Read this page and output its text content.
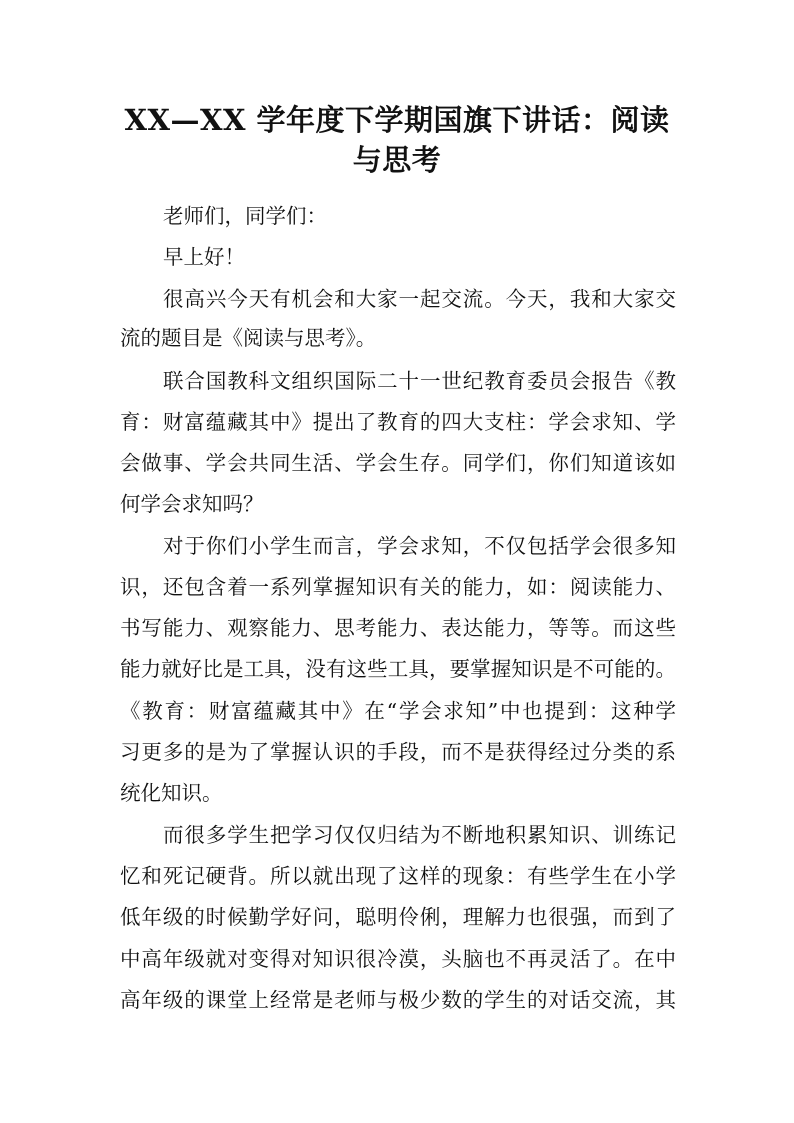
XX—XX 学年度下学期国旗下讲话：阅读
与思考

老师们，同学们：

早上好！

很高兴今天有机会和大家一起交流。今天，我和大家交

流的题目是《阅读与思考》。

联合国教科文组织国际二十一世纪教育委员会报告《教

育：财富蕴藏其中》提出了教育的四大支柱：学会求知、学

会做事、学会共同生活、学会生存。同学们，你们知道该如

何学会求知吗？

对于你们小学生而言，学会求知，不仅包括学会很多知

识，还包含着一系列掌握知识有关的能力，如：阅读能力、

书写能力、观察能力、思考能力、表达能力，等等。而这些

能力就好比是工具，没有这些工具，要掌握知识是不可能的。

《教育：财富蕴藏其中》在“学会求知”中也提到：这种学

习更多的是为了掌握认识的手段，而不是获得经过分类的系

统化知识。

而很多学生把学习仅仅归结为不断地积累知识、训练记

忆和死记硬背。所以就出现了这样的现象：有些学生在小学

低年级的时候勤学好问，聪明伶俐，理解力也很强，而到了

中高年级就对变得对知识很冷漠，头脑也不再灵活了。在中

高年级的课堂上经常是老师与极少数的学生的对话交流，其
